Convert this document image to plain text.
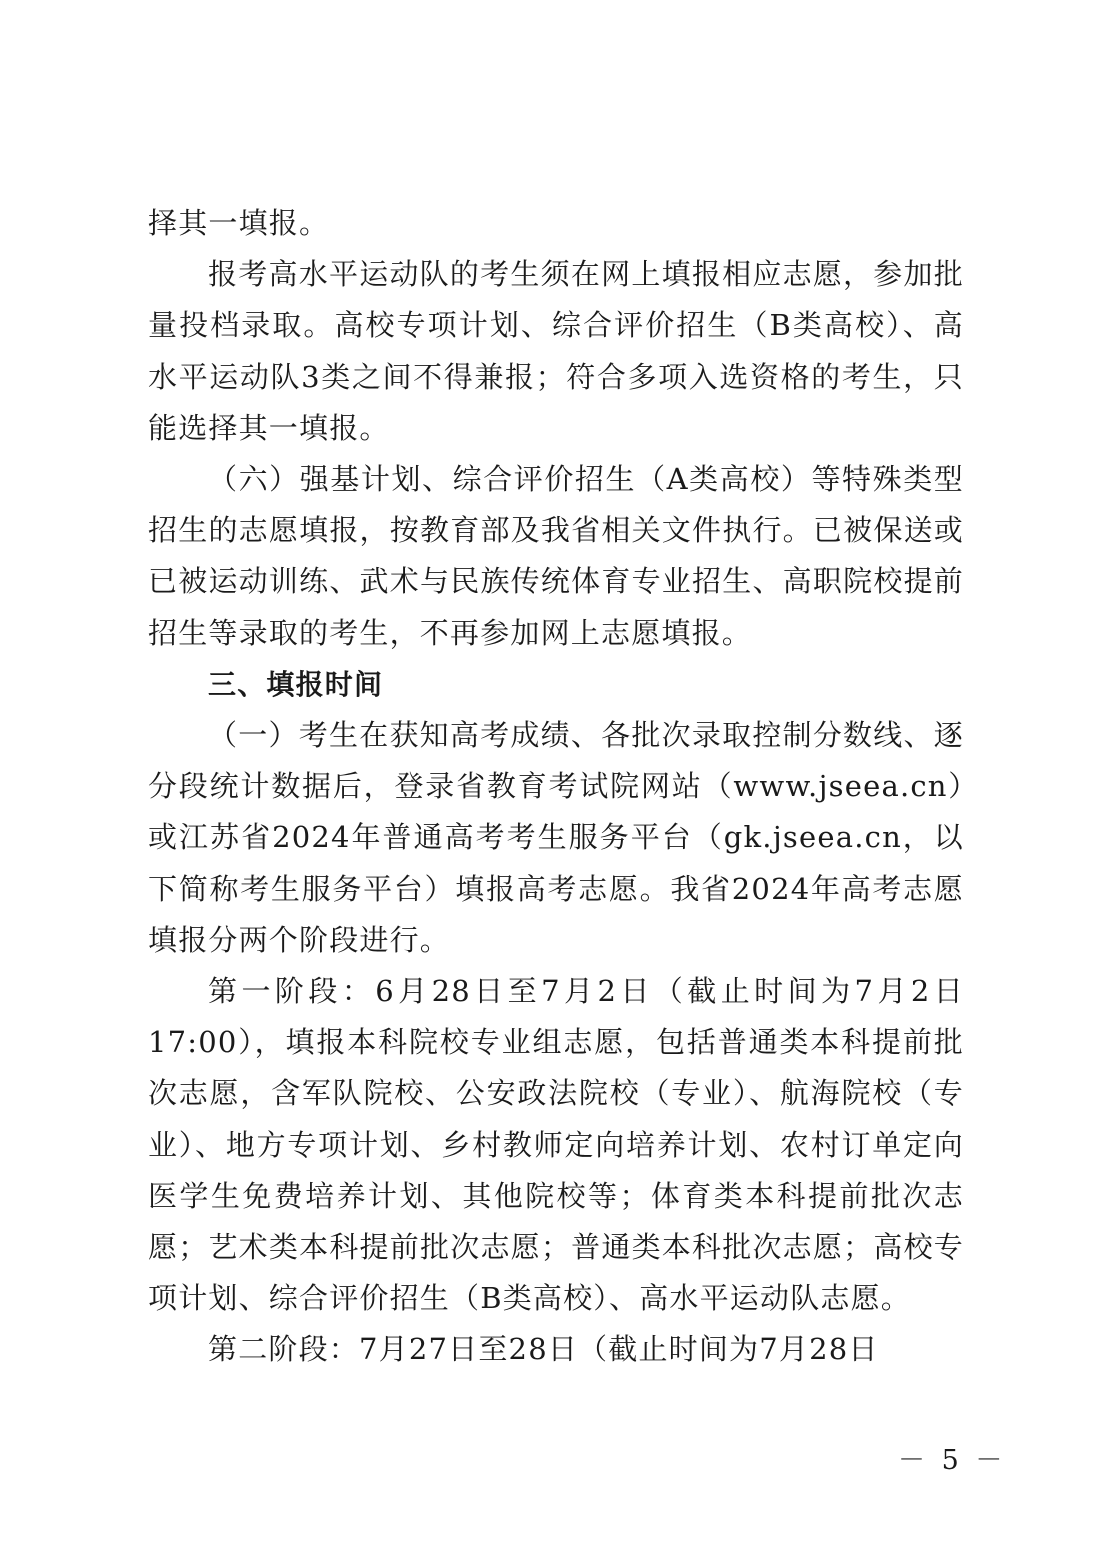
择其一填报。

报考高水平运动队的考生须在网上填报相应志愿，参加批量投档录取。高校专项计划、综合评价招生（B类高校）、高水平运动队3类之间不得兼报；符合多项入选资格的考生，只能选择其一填报。

（六）强基计划、综合评价招生（A类高校）等特殊类型招生的志愿填报，按教育部及我省相关文件执行。已被保送或已被运动训练、武术与民族传统体育专业招生、高职院校提前招生等录取的考生，不再参加网上志愿填报。

三、填报时间

（一）考生在获知高考成绩、各批次录取控制分数线、逐分段统计数据后，登录省教育考试院网站（www.jseea.cn）或江苏省2024年普通高考考生服务平台（gk.jseea.cn，以下简称考生服务平台）填报高考志愿。我省2024年高考志愿填报分两个阶段进行。

第一阶段：6月28日至7月2日（截止时间为7月2日17:00），填报本科院校专业组志愿，包括普通类本科提前批次志愿，含军队院校、公安政法院校（专业）、航海院校（专业）、地方专项计划、乡村教师定向培养计划、农村订单定向医学生免费培养计划、其他院校等；体育类本科提前批次志愿；艺术类本科提前批次志愿；普通类本科批次志愿；高校专项计划、综合评价招生（B类高校）、高水平运动队志愿。

第二阶段：7月27日至28日（截止时间为7月28日

－ 5 －
